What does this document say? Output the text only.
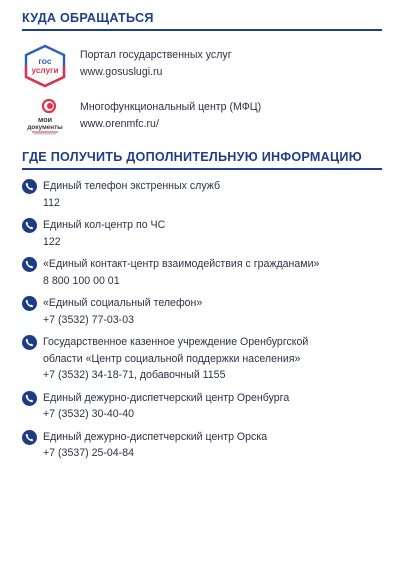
КУДА ОБРАЩАТЬСЯ
гос
услуги
Портал государственных услуг
www.gosuslugi.ru
мои
документы
Многофункциональный центр (МФЦ)
www.orenmfc.ru/
ГДЕ ПОЛУЧИТЬ ДОПОЛНИТЕЛЬНУЮ ИНФОРМАЦИЮ
Единый телефон экстренных служб
112
Единый кол-центр по ЧС
122
«Единый контакт-центр взаимодействия с гражданами»
8 800 100 00 01
«Единый социальный телефон»
+7 (3532) 77-03-03
Государственное казенное учреждение Оренбургской
области «Центр социальной поддержки населения»
+7 (3532) 34-18-71, добавочный 1155
Единый дежурно-диспетчерский центр Оренбурга
+7 (3532) 30-40-40
Единый дежурно-диспетчерский центр Орска
+7 (3537) 25-04-84
